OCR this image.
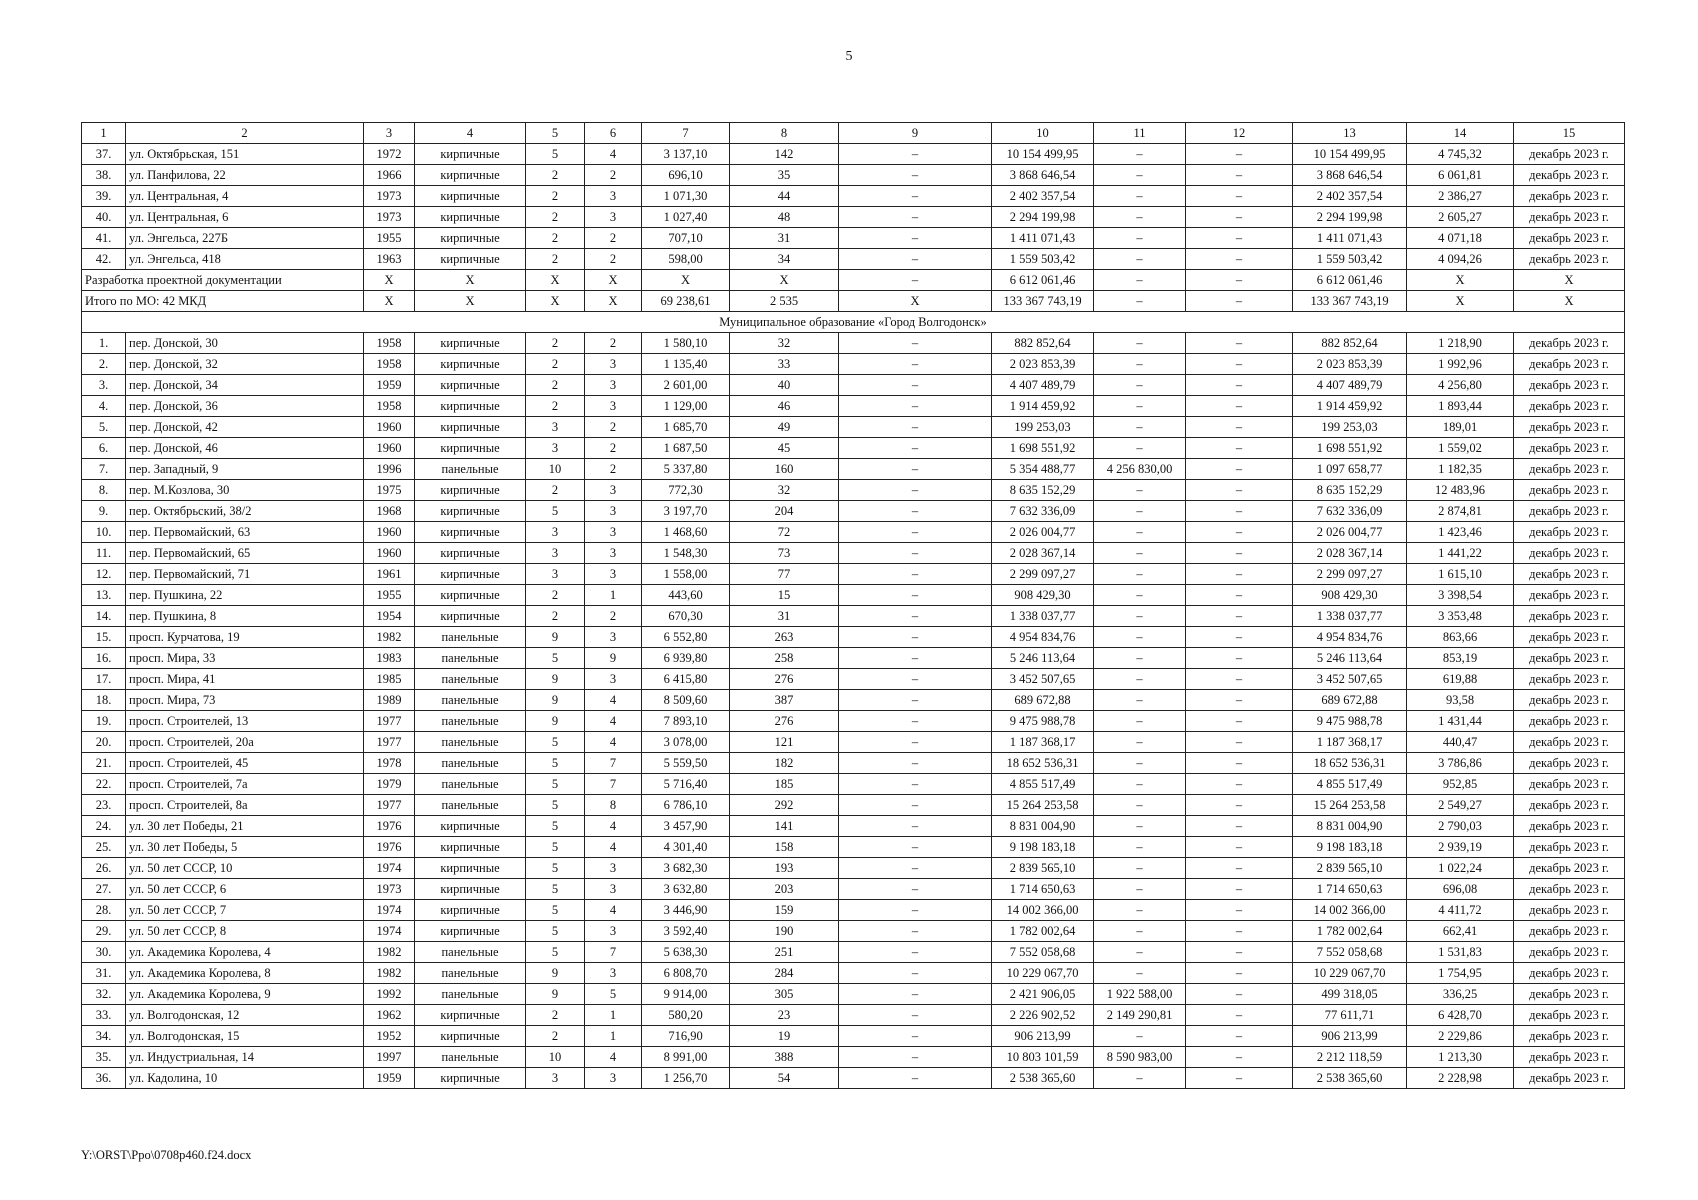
5
1	2	3	4	5	6	7	8	9	10	11	12	13	14	15
37.	ул. Октябрьская, 151	1972	кирпичные	5	4	3 137,10	142	–	10 154 499,95	–	–	10 154 499,95	4 745,32	декабрь 2023 г.
38.	ул. Панфилова, 22	1966	кирпичные	2	2	696,10	35	–	3 868 646,54	–	–	3 868 646,54	6 061,81	декабрь 2023 г.
39.	ул. Центральная, 4	1973	кирпичные	2	3	1 071,30	44	–	2 402 357,54	–	–	2 402 357,54	2 386,27	декабрь 2023 г.
40.	ул. Центральная, 6	1973	кирпичные	2	3	1 027,40	48	–	2 294 199,98	–	–	2 294 199,98	2 605,27	декабрь 2023 г.
41.	ул. Энгельса, 227Б	1955	кирпичные	2	2	707,10	31	–	1 411 071,43	–	–	1 411 071,43	4 071,18	декабрь 2023 г.
42.	ул. Энгельса, 418	1963	кирпичные	2	2	598,00	34	–	1 559 503,42	–	–	1 559 503,42	4 094,26	декабрь 2023 г.
Разработка проектной документации		X	X	X	X	X	X	–	6 612 061,46	–	–	6 612 061,46	X	X
Итого по МО: 42 МКД		X	X	X	X	69 238,61	2 535	X	133 367 743,19	–	–	133 367 743,19	X	X
Муниципальное образование «Город Волгодонск»														
1.	пер. Донской, 30	1958	кирпичные	2	2	1 580,10	32	–	882 852,64	–	–	882 852,64	1 218,90	декабрь 2023 г.
2.	пер. Донской, 32	1958	кирпичные	2	3	1 135,40	33	–	2 023 853,39	–	–	2 023 853,39	1 992,96	декабрь 2023 г.
3.	пер. Донской, 34	1959	кирпичные	2	3	2 601,00	40	–	4 407 489,79	–	–	4 407 489,79	4 256,80	декабрь 2023 г.
4.	пер. Донской, 36	1958	кирпичные	2	3	1 129,00	46	–	1 914 459,92	–	–	1 914 459,92	1 893,44	декабрь 2023 г.
5.	пер. Донской, 42	1960	кирпичные	3	2	1 685,70	49	–	199 253,03	–	–	199 253,03	189,01	декабрь 2023 г.
6.	пер. Донской, 46	1960	кирпичные	3	2	1 687,50	45	–	1 698 551,92	–	–	1 698 551,92	1 559,02	декабрь 2023 г.
7.	пер. Западный, 9	1996	панельные	10	2	5 337,80	160	–	5 354 488,77	4 256 830,00	–	1 097 658,77	1 182,35	декабрь 2023 г.
8.	пер. М.Козлова, 30	1975	кирпичные	2	3	772,30	32	–	8 635 152,29	–	–	8 635 152,29	12 483,96	декабрь 2023 г.
9.	пер. Октябрьский, 38/2	1968	кирпичные	5	3	3 197,70	204	–	7 632 336,09	–	–	7 632 336,09	2 874,81	декабрь 2023 г.
10.	пер. Первомайский, 63	1960	кирпичные	3	3	1 468,60	72	–	2 026 004,77	–	–	2 026 004,77	1 423,46	декабрь 2023 г.
11.	пер. Первомайский, 65	1960	кирпичные	3	3	1 548,30	73	–	2 028 367,14	–	–	2 028 367,14	1 441,22	декабрь 2023 г.
12.	пер. Первомайский, 71	1961	кирпичные	3	3	1 558,00	77	–	2 299 097,27	–	–	2 299 097,27	1 615,10	декабрь 2023 г.
13.	пер. Пушкина, 22	1955	кирпичные	2	1	443,60	15	–	908 429,30	–	–	908 429,30	3 398,54	декабрь 2023 г.
14.	пер. Пушкина, 8	1954	кирпичные	2	2	670,30	31	–	1 338 037,77	–	–	1 338 037,77	3 353,48	декабрь 2023 г.
15.	просп. Курчатова, 19	1982	панельные	9	3	6 552,80	263	–	4 954 834,76	–	–	4 954 834,76	863,66	декабрь 2023 г.
16.	просп. Мира, 33	1983	панельные	5	9	6 939,80	258	–	5 246 113,64	–	–	5 246 113,64	853,19	декабрь 2023 г.
17.	просп. Мира, 41	1985	панельные	9	3	6 415,80	276	–	3 452 507,65	–	–	3 452 507,65	619,88	декабрь 2023 г.
18.	просп. Мира, 73	1989	панельные	9	4	8 509,60	387	–	689 672,88	–	–	689 672,88	93,58	декабрь 2023 г.
19.	просп. Строителей, 13	1977	панельные	9	4	7 893,10	276	–	9 475 988,78	–	–	9 475 988,78	1 431,44	декабрь 2023 г.
20.	просп. Строителей, 20а	1977	панельные	5	4	3 078,00	121	–	1 187 368,17	–	–	1 187 368,17	440,47	декабрь 2023 г.
21.	просп. Строителей, 45	1978	панельные	5	7	5 559,50	182	–	18 652 536,31	–	–	18 652 536,31	3 786,86	декабрь 2023 г.
22.	просп. Строителей, 7а	1979	панельные	5	7	5 716,40	185	–	4 855 517,49	–	–	4 855 517,49	952,85	декабрь 2023 г.
23.	просп. Строителей, 8а	1977	панельные	5	8	6 786,10	292	–	15 264 253,58	–	–	15 264 253,58	2 549,27	декабрь 2023 г.
24.	ул. 30 лет Победы, 21	1976	кирпичные	5	4	3 457,90	141	–	8 831 004,90	–	–	8 831 004,90	2 790,03	декабрь 2023 г.
25.	ул. 30 лет Победы, 5	1976	кирпичные	5	4	4 301,40	158	–	9 198 183,18	–	–	9 198 183,18	2 939,19	декабрь 2023 г.
26.	ул. 50 лет СССР, 10	1974	кирпичные	5	3	3 682,30	193	–	2 839 565,10	–	–	2 839 565,10	1 022,24	декабрь 2023 г.
27.	ул. 50 лет СССР, 6	1973	кирпичные	5	3	3 632,80	203	–	1 714 650,63	–	–	1 714 650,63	696,08	декабрь 2023 г.
28.	ул. 50 лет СССР, 7	1974	кирпичные	5	4	3 446,90	159	–	14 002 366,00	–	–	14 002 366,00	4 411,72	декабрь 2023 г.
29.	ул. 50 лет СССР, 8	1974	кирпичные	5	3	3 592,40	190	–	1 782 002,64	–	–	1 782 002,64	662,41	декабрь 2023 г.
30.	ул. Академика Королева, 4	1982	панельные	5	7	5 638,30	251	–	7 552 058,68	–	–	7 552 058,68	1 531,83	декабрь 2023 г.
31.	ул. Академика Королева, 8	1982	панельные	9	3	6 808,70	284	–	10 229 067,70	–	–	10 229 067,70	1 754,95	декабрь 2023 г.
32.	ул. Академика Королева, 9	1992	панельные	9	5	9 914,00	305	–	2 421 906,05	1 922 588,00	–	499 318,05	336,25	декабрь 2023 г.
33.	ул. Волгодонская, 12	1962	кирпичные	2	1	580,20	23	–	2 226 902,52	2 149 290,81	–	77 611,71	6 428,70	декабрь 2023 г.
34.	ул. Волгодонская, 15	1952	кирпичные	2	1	716,90	19	–	906 213,99	–	–	906 213,99	2 229,86	декабрь 2023 г.
35.	ул. Индустриальная, 14	1997	панельные	10	4	8 991,00	388	–	10 803 101,59	8 590 983,00	–	2 212 118,59	1 213,30	декабрь 2023 г.
36.	ул. Кадолина, 10	1959	кирпичные	3	3	1 256,70	54	–	2 538 365,60	–	–	2 538 365,60	2 228,98	декабрь 2023 г.
Y:\ORST\Ppo\0708p460.f24.docx
